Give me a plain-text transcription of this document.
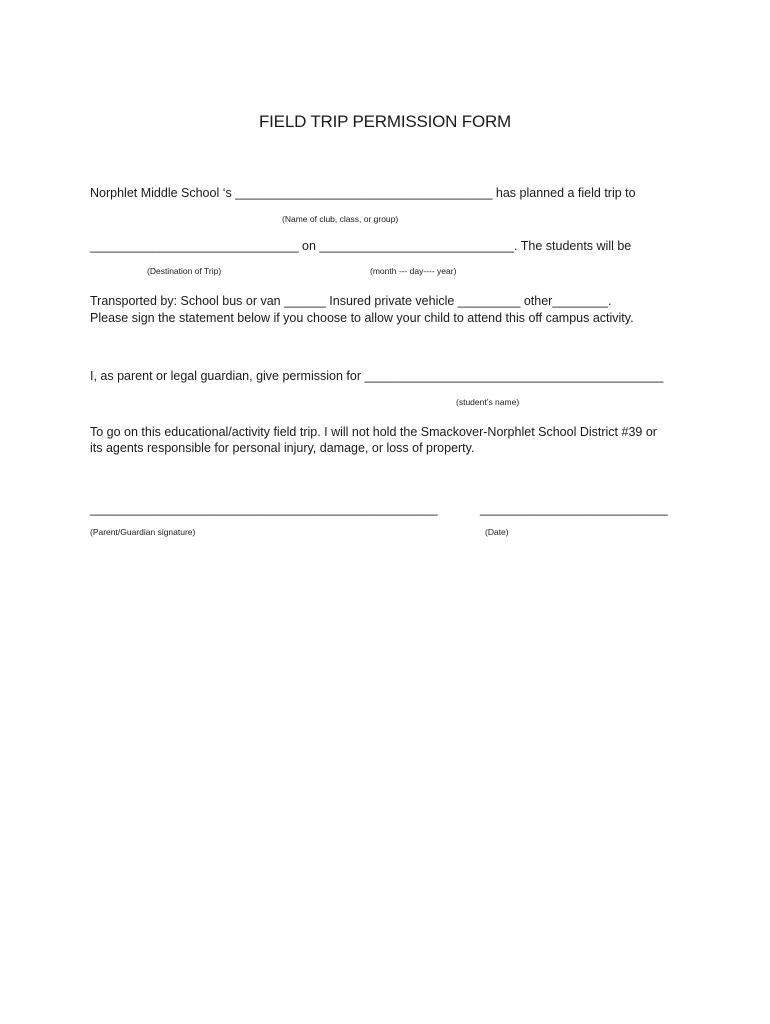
FIELD TRIP PERMISSION FORM
Norphlet Middle School ‘s _____________________________________ has planned a field trip to
(Name of club, class, or group)
______________________________ on ____________________________. The students will be
(Destination of Trip)	(month --- day---- year)
Transported by: School bus or van ______ Insured private vehicle _________ other________.
Please sign the statement below if you choose to allow your child to attend this off campus activity.
I, as parent or legal guardian, give permission for ___________________________________________
(student’s name)
To go on this educational/activity field trip. I will not hold the Smackover-Norphlet School District #39 or
its agents responsible for personal injury, damage, or loss of property.
__________________________________________________	___________________________
(Parent/Guardian signature)	(Date)
